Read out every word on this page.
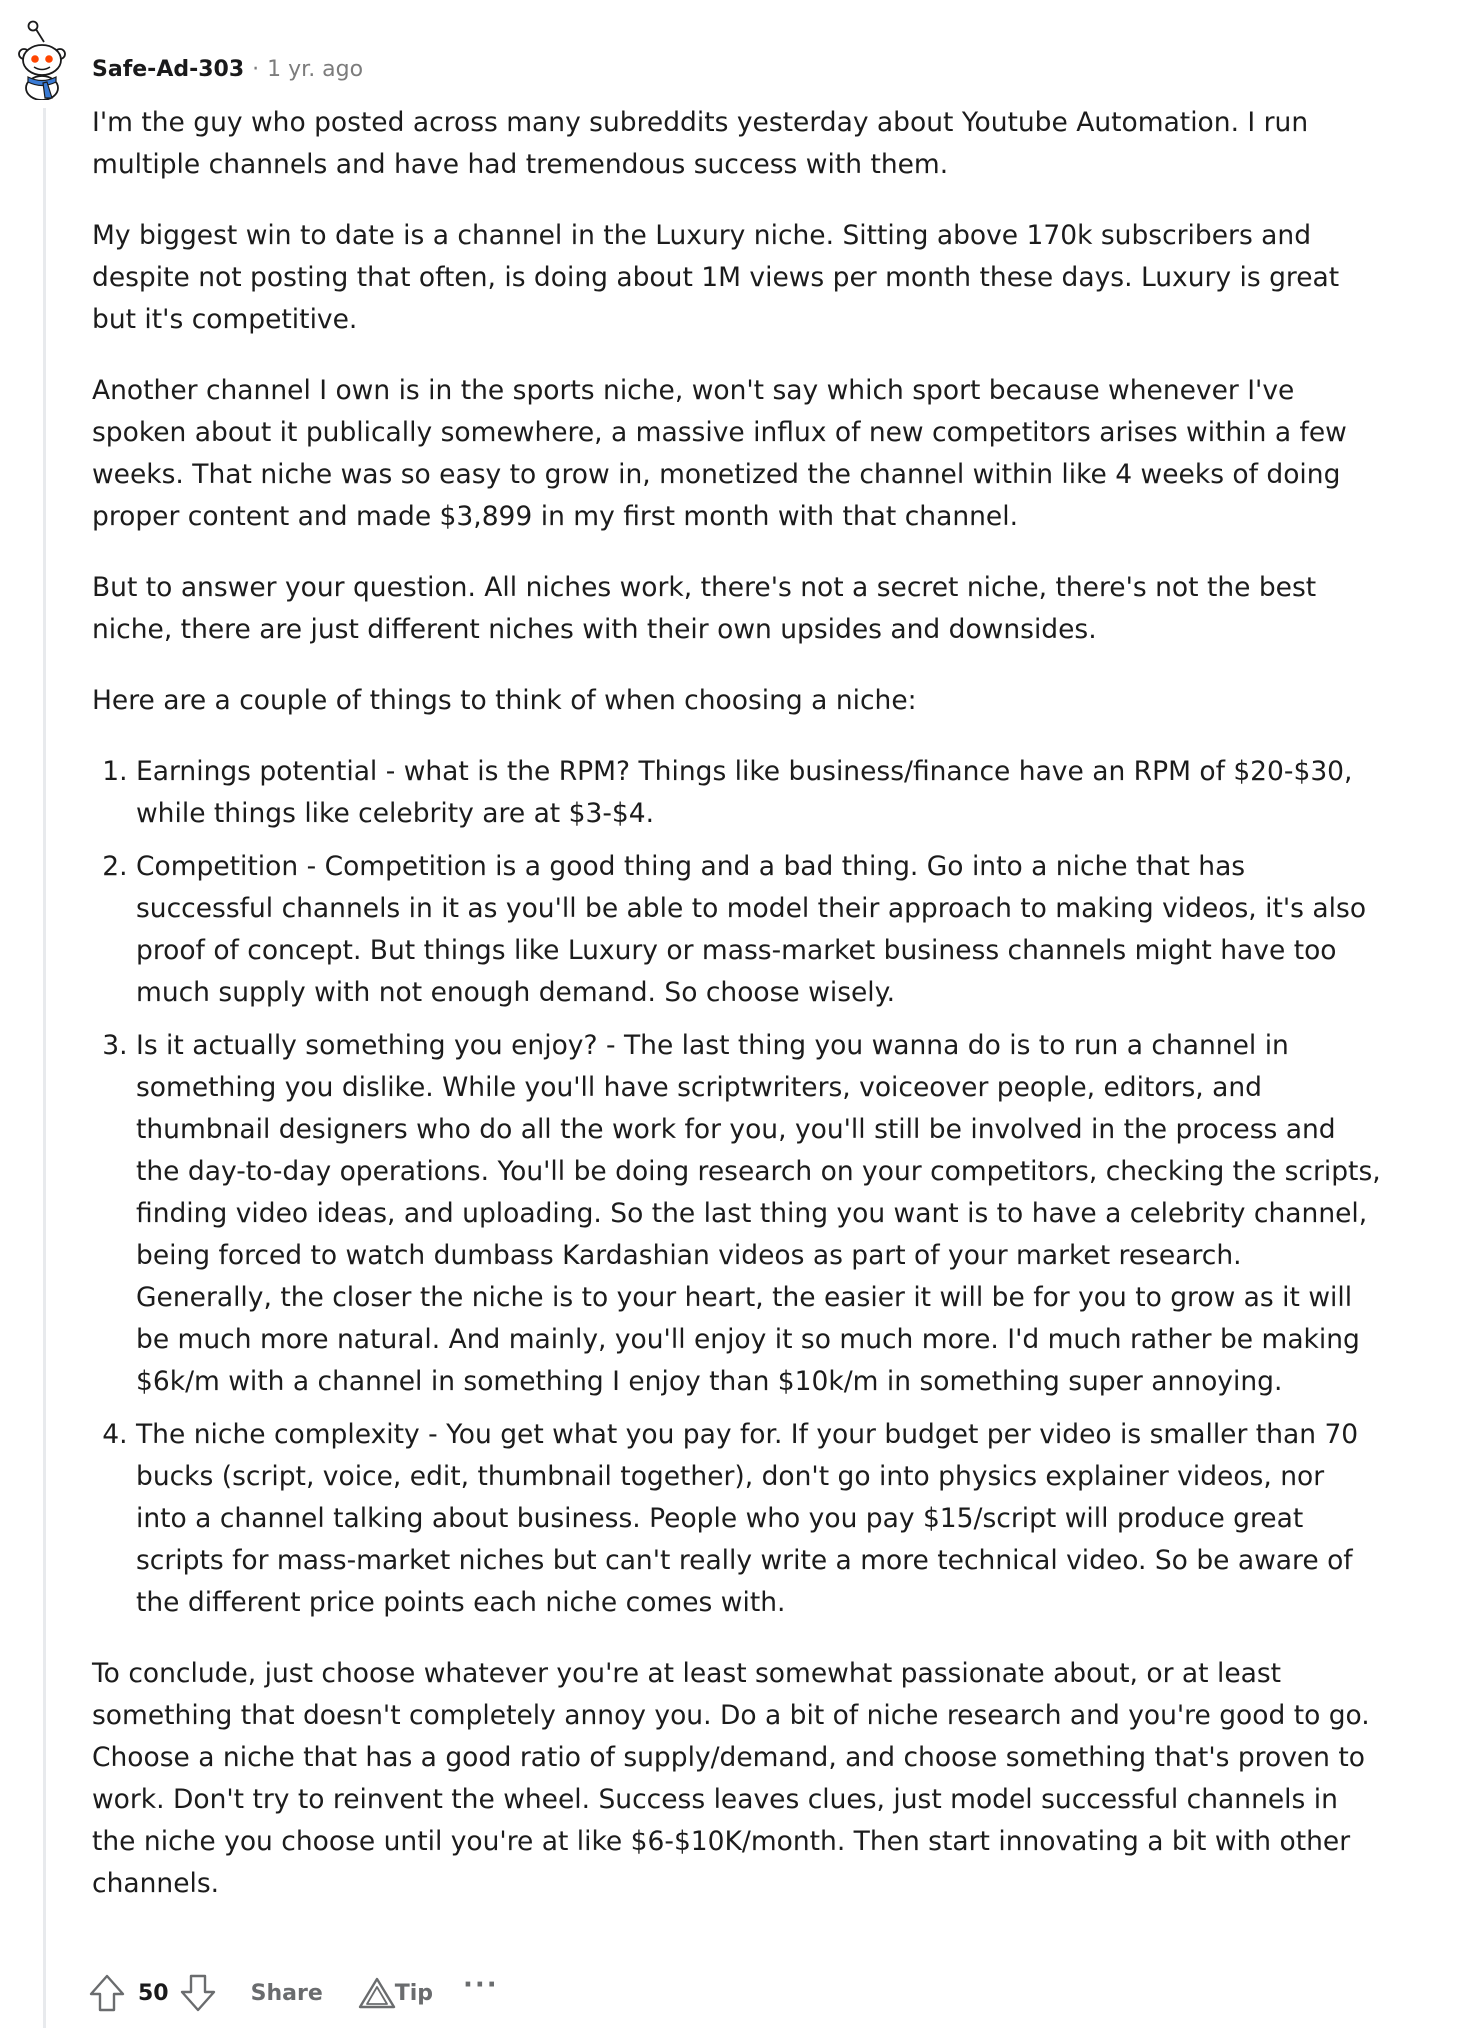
Safe-Ad-303 · 1 yr. ago

I'm the guy who posted across many subreddits yesterday about Youtube Automation. I run multiple channels and have had tremendous success with them.

My biggest win to date is a channel in the Luxury niche. Sitting above 170k subscribers and despite not posting that often, is doing about 1M views per month these days. Luxury is great but it's competitive.

Another channel I own is in the sports niche, won't say which sport because whenever I've spoken about it publically somewhere, a massive influx of new competitors arises within a few weeks. That niche was so easy to grow in, monetized the channel within like 4 weeks of doing proper content and made $3,899 in my first month with that channel.

But to answer your question. All niches work, there's not a secret niche, there's not the best niche, there are just different niches with their own upsides and downsides.

Here are a couple of things to think of when choosing a niche:

1. Earnings potential - what is the RPM? Things like business/finance have an RPM of $20-$30, while things like celebrity are at $3-$4.
2. Competition - Competition is a good thing and a bad thing. Go into a niche that has successful channels in it as you'll be able to model their approach to making videos, it's also proof of concept. But things like Luxury or mass-market business channels might have too much supply with not enough demand. So choose wisely.
3. Is it actually something you enjoy? - The last thing you wanna do is to run a channel in something you dislike. While you'll have scriptwriters, voiceover people, editors, and thumbnail designers who do all the work for you, you'll still be involved in the process and the day-to-day operations. You'll be doing research on your competitors, checking the scripts, finding video ideas, and uploading. So the last thing you want is to have a celebrity channel, being forced to watch dumbass Kardashian videos as part of your market research. Generally, the closer the niche is to your heart, the easier it will be for you to grow as it will be much more natural. And mainly, you'll enjoy it so much more. I'd much rather be making $6k/m with a channel in something I enjoy than $10k/m in something super annoying.
4. The niche complexity - You get what you pay for. If your budget per video is smaller than 70 bucks (script, voice, edit, thumbnail together), don't go into physics explainer videos, nor into a channel talking about business. People who you pay $15/script will produce great scripts for mass-market niches but can't really write a more technical video. So be aware of the different price points each niche comes with.

To conclude, just choose whatever you're at least somewhat passionate about, or at least something that doesn't completely annoy you. Do a bit of niche research and you're good to go. Choose a niche that has a good ratio of supply/demand, and choose something that's proven to work. Don't try to reinvent the wheel. Success leaves clues, just model successful channels in the niche you choose until you're at like $6-$10K/month. Then start innovating a bit with other channels.

50	Share	Tip ···
